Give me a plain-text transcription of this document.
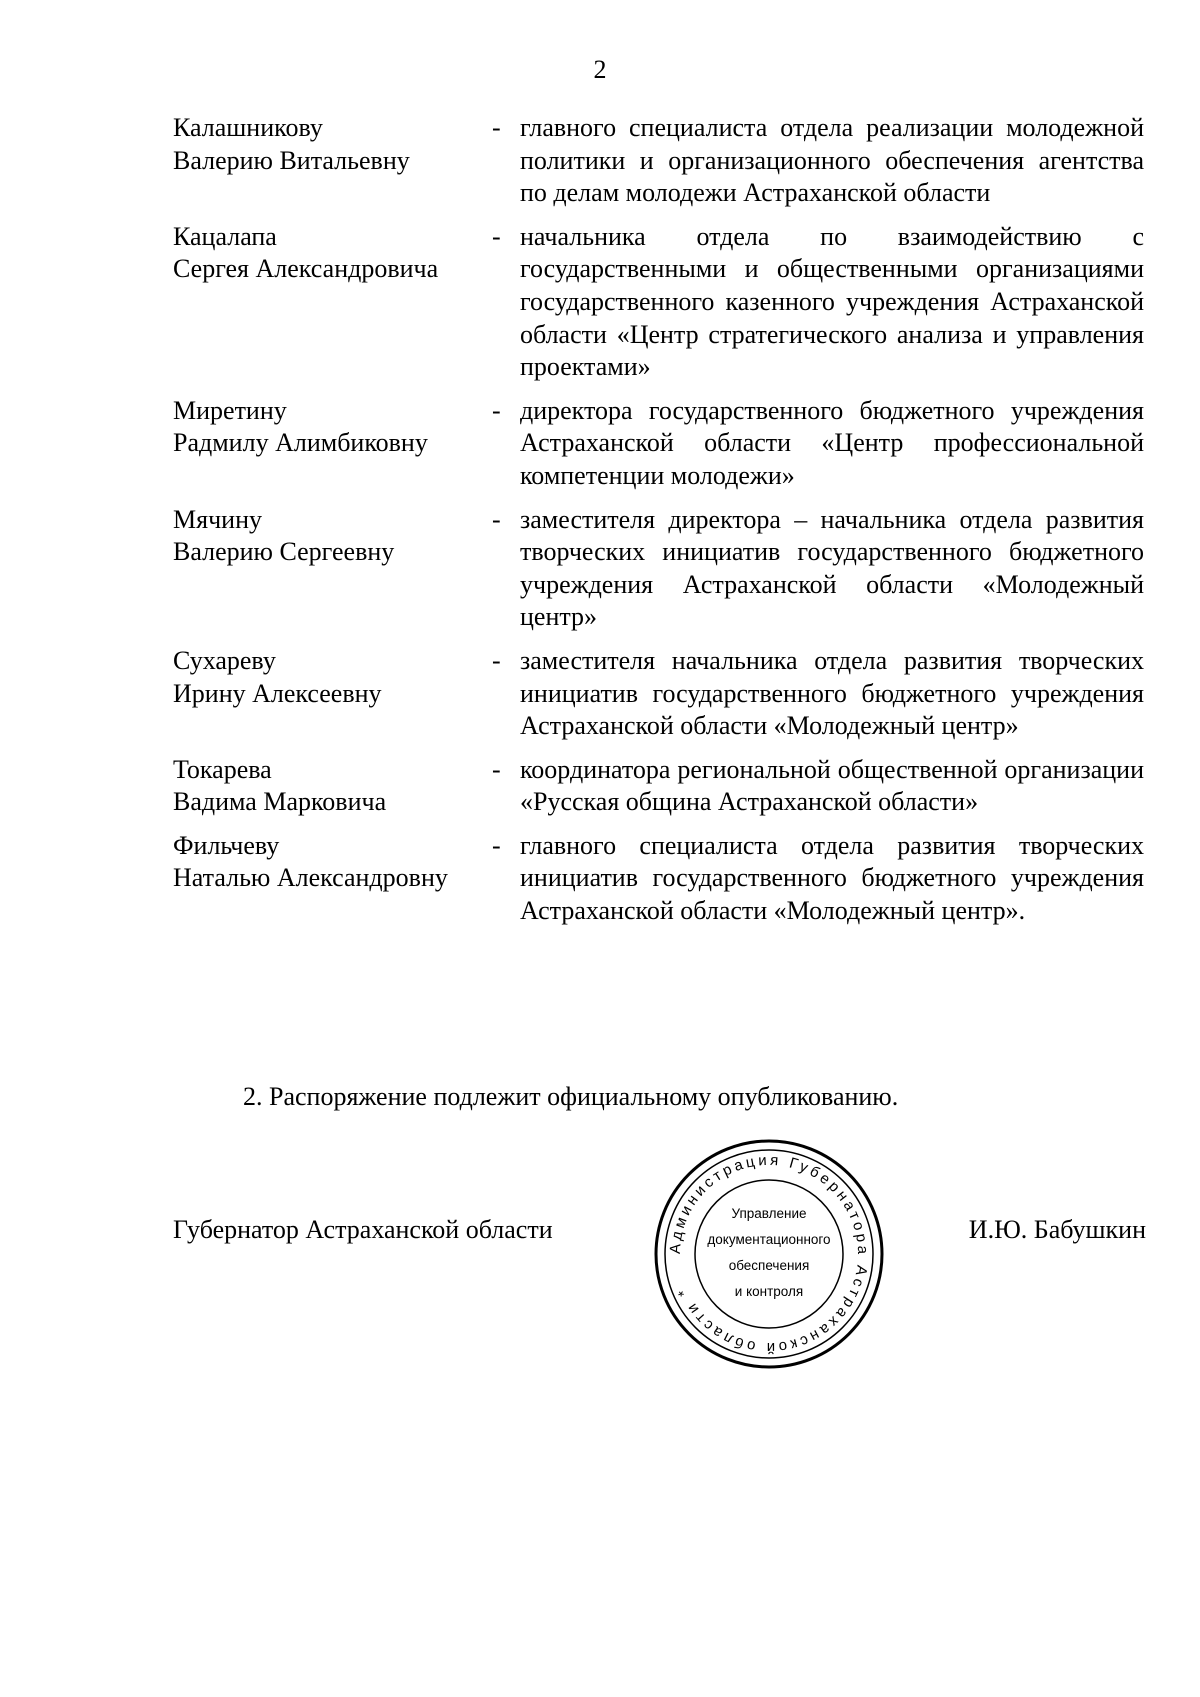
2
Калашникову
Валерию Витальевну
- главного специалиста отдела реализации молодежной политики и организационного обеспечения агентства по делам молодежи Астраханской области
Кацалапа
Сергея Александровича
- начальника отдела по взаимодействию с государственными и общественными организациями государственного казенного учреждения Астраханской области «Центр стратегического анализа и управления проектами»
Миретину
Радмилу Алимбиковну
- директора государственного бюджетного учреждения Астраханской области «Центр профессиональной компетенции молодежи»
Мячину
Валерию Сергеевну
- заместителя директора – начальника отдела развития творческих инициатив государственного бюджетного учреждения Астраханской области «Молодежный центр»
Сухареву
Ирину Алексеевну
- заместителя начальника отдела развития творческих инициатив государственного бюджетного учреждения Астраханской области «Молодежный центр»
Токарева
Вадима Марковича
- координатора региональной общественной организации «Русская община Астраханской области»
Фильчеву
Наталью Александровну
- главного специалиста отдела развития творческих инициатив государственного бюджетного учреждения Астраханской области «Молодежный центр».
2. Распоряжение подлежит официальному опубликованию.
Губернатор Астраханской области
Администрация Губернатора Астраханской области *
Управление
документационного
обеспечения
и контроля
И.Ю. Бабушкин
